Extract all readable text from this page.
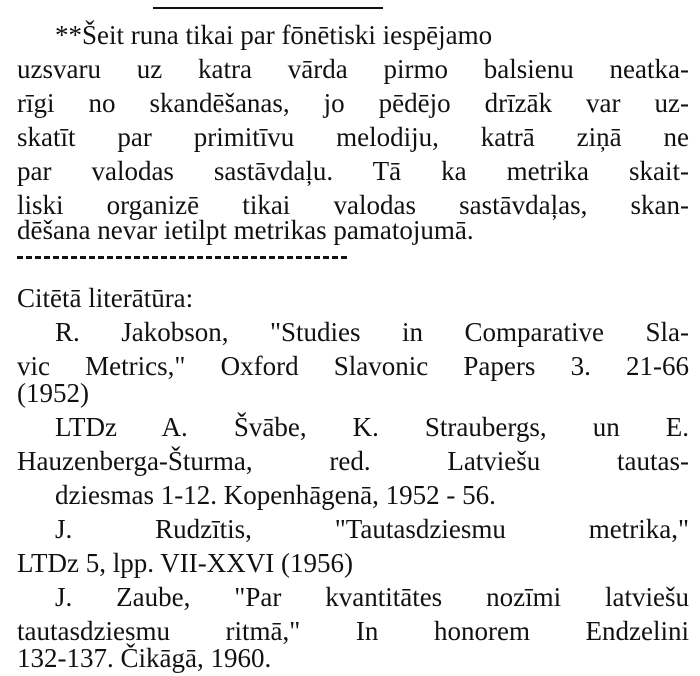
**Šeit runa tikai par fōnētiski iespējamo
uzsvaru uz katra vārda pirmo balsienu neatka-
rīgi no skandēšanas, jo pēdējo drīzāk var uz-
skatīt par primitīvu melodiju, katrā ziņā ne
par valodas sastāvdaļu. Tā ka metrika skait-
liski organizē tikai valodas sastāvdaļas, skan-
dēšana nevar ietilpt metrikas pamatojumā.
Citētā literātūra:
R. Jakobson, "Studies in Comparative Sla-
vic Metrics," Oxford Slavonic Papers 3. 21-66
(1952)
LTDz A. Švābe, K. Straubergs, un E.
Hauzenberga-Šturma, red. Latviešu tautas-
dziesmas 1-12. Kopenhāgenā, 1952 - 56.
J. Rudzītis, "Tautasdziesmu metrika,"
LTDz 5, lpp. VII-XXVI (1956)
J. Zaube, "Par kvantitātes nozīmi latviešu
tautasdziesmu ritmā," In honorem Endzelini
132-137. Čikāgā, 1960.
